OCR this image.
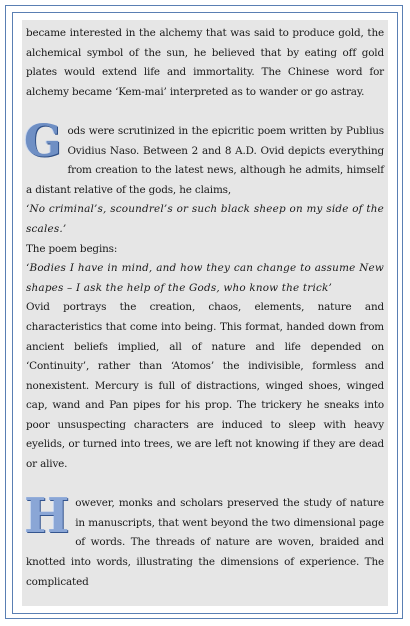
became interested in the alchemy that was said to produce gold, the alchemical symbol of the sun, he believed that by eating off gold plates would extend life and immortality. The Chinese word for alchemy became ‘Kem-mai’ interpreted as to wander or go astray.

Gods were scrutinized in the epicritic poem written by Publius Ovidius Naso. Between 2 and 8 A.D. Ovid depicts everything from creation to the latest news, although he admits, himself a distant relative of the gods, he claims,

‘No criminal’s, scoundrel’s or such black sheep on my side of the scales.’

The poem begins:

‘Bodies I have in mind, and how they can change to assume New shapes – I ask the help of the Gods, who know the trick’

Ovid portrays the creation, chaos, elements, nature and characteristics that come into being. This format, handed down from ancient beliefs implied, all of nature and life depended on ‘Continuity’, rather than ‘Atomos’ the indivisible, formless and nonexistent. Mercury is full of distractions, winged shoes, winged cap, wand and Pan pipes for his prop. The trickery he sneaks into poor unsuspecting characters are induced to sleep with heavy eyelids, or turned into trees, we are left not knowing if they are dead or alive.

However, monks and scholars preserved the study of nature in manuscripts, that went beyond the two dimensional page of words. The threads of nature are woven, braided and knotted into words, illustrating the dimensions of experience. The complicated
